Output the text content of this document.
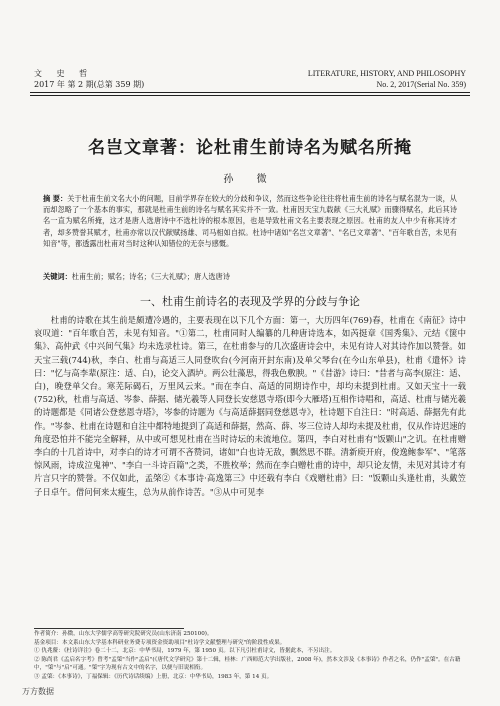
文 史 哲
2017 年 第 2 期(总第 359 期)
LITERATURE, HISTORY, AND PHILOSOPHY
No. 2, 2017(Serial No. 359)
名岂文章著：论杜甫生前诗名为赋名所掩
孙 微
摘 要：关于杜甫生前文名大小的问题，目前学界存在较大的分歧和争议，然而这些争论往往将杜甫生前的诗名与赋名混为一谈，从而却忽略了一个基本的事实，那就是杜甫生前的诗名与赋名其实并不一致。杜甫因天宝九载献《三大礼赋》而骤得赋名，此后其诗名一直为赋名所掩，这才是唐人选唐诗中不选杜诗的根本原因，也是导致杜甫文名主要表现之原因。杜甫的友人中少有称其诗才者，却多赞誉其赋才，杜甫亦常以汉代献赋扬雄、司马相如自拟。杜诗中诸如"名岂文章著"、"名已文章著"、"百年歌自苦，未见有知音"等，都透露出杜甫对当时这种认知错位的无奈与感慨。
关键词：杜甫生前；赋名；诗名；《三大礼赋》；唐人选唐诗
一、杜甫生前诗名的表现及学界的分歧与争论

杜甫的诗歌在其生前是颇遭冷遇的，主要表现在以下几个方面：第一，大历四年(769)春，杜甫在《南征》诗中哀叹道："百年歌自苦，未见有知音。"①第二，杜甫同时人编纂的几种唐诗选本，如芮挺章《国秀集》、元结《箧中集》、高仲武《中兴间气集》均未选录杜诗。第三，在杜甫参与的几次盛唐诗会中，未见有诗人对其诗作加以赞誉。如天宝三载(744)秋，李白、杜甫与高适三人同登吹台(今河南开封东南)及单父琴台(在今山东单县)，杜甫《遣怀》诗曰："忆与高李辈(原注：适、白)，论交入酒垆。两公壮藻思，得我色敷腴。"《昔游》诗曰："昔者与高李(原注：适、白)，晚登单父台。寒芜际碣石，万里风云来。"而在李白、高适的同期诗作中，却均未提到杜甫。又如天宝十一载(752)秋，杜甫与高适、岑参、薛据、储光羲等人同登长安慈恩寺塔(即今大雁塔)互相作诗唱和，高适、杜甫与储光羲的诗题都是《同诸公登慈恩寺塔》，岑参的诗题为《与高适薛据同登慈恩寺》，杜诗题下自注曰："时高适、薛据先有此作。"岑参、杜甫在诗题和自注中都特地提到了高适和薛据，然高、薛、岑三位诗人却均未提及杜甫，仅从作诗迟速的角度恐怕并不能完全解释，从中或可想见杜甫在当时诗坛的未流地位。第四，李白对杜甫有"饭颗山"之讥。在杜甫赠李白的十几首诗中，对李白的诗才可谓不吝赞词，诸如"白也诗无敌，飘然思不群。清新庾开府，俊逸鲍参军"、"笔落惊风雨，诗成泣鬼神"、"李白一斗诗百篇"之类，不胜枚举；然而在李白赠杜甫的诗中，却只论友情，未见对其诗才有片言只字的赞誉。不仅如此，孟棨②《本事诗·高逸第三》中还载有李白《戏赠杜甫》曰："饭颗山头逢杜甫，头戴笠子日卓午。借问何来太瘦生，总为从前作诗苦。"③从中可见李

作者简介：孙微，山东大学儒学高等研究院研究员(山东济南 250100)。
基金项目：本文系山东大学基本科研业务费专项资金资助项目"杜诗学文献整理与研究"的阶段性成果。
① 仇兆鳌：《杜诗详注》卷二十二，北京：中华书局，1979 年，第 1950 页。以下凡引杜甫诗文，皆据此本，不另出注。
② 陈尚君《孟启名字考》曾考"孟棨"当作"孟启"(《唐代文学研究》第十二辑，桂林：广西师范大学出版社，2008 年)，然本文涉及《本事诗》作者之名，仍作"孟棨"。在古籍中，"棨"与"启"可通。"棨"字为现有古文中的名字，以便与旧说相衔。
③ 孟棨：《本事诗》，丁福保辑：《历代诗话续编》上册，北京：中华书局，1983 年，第 14 页。
万方数据
